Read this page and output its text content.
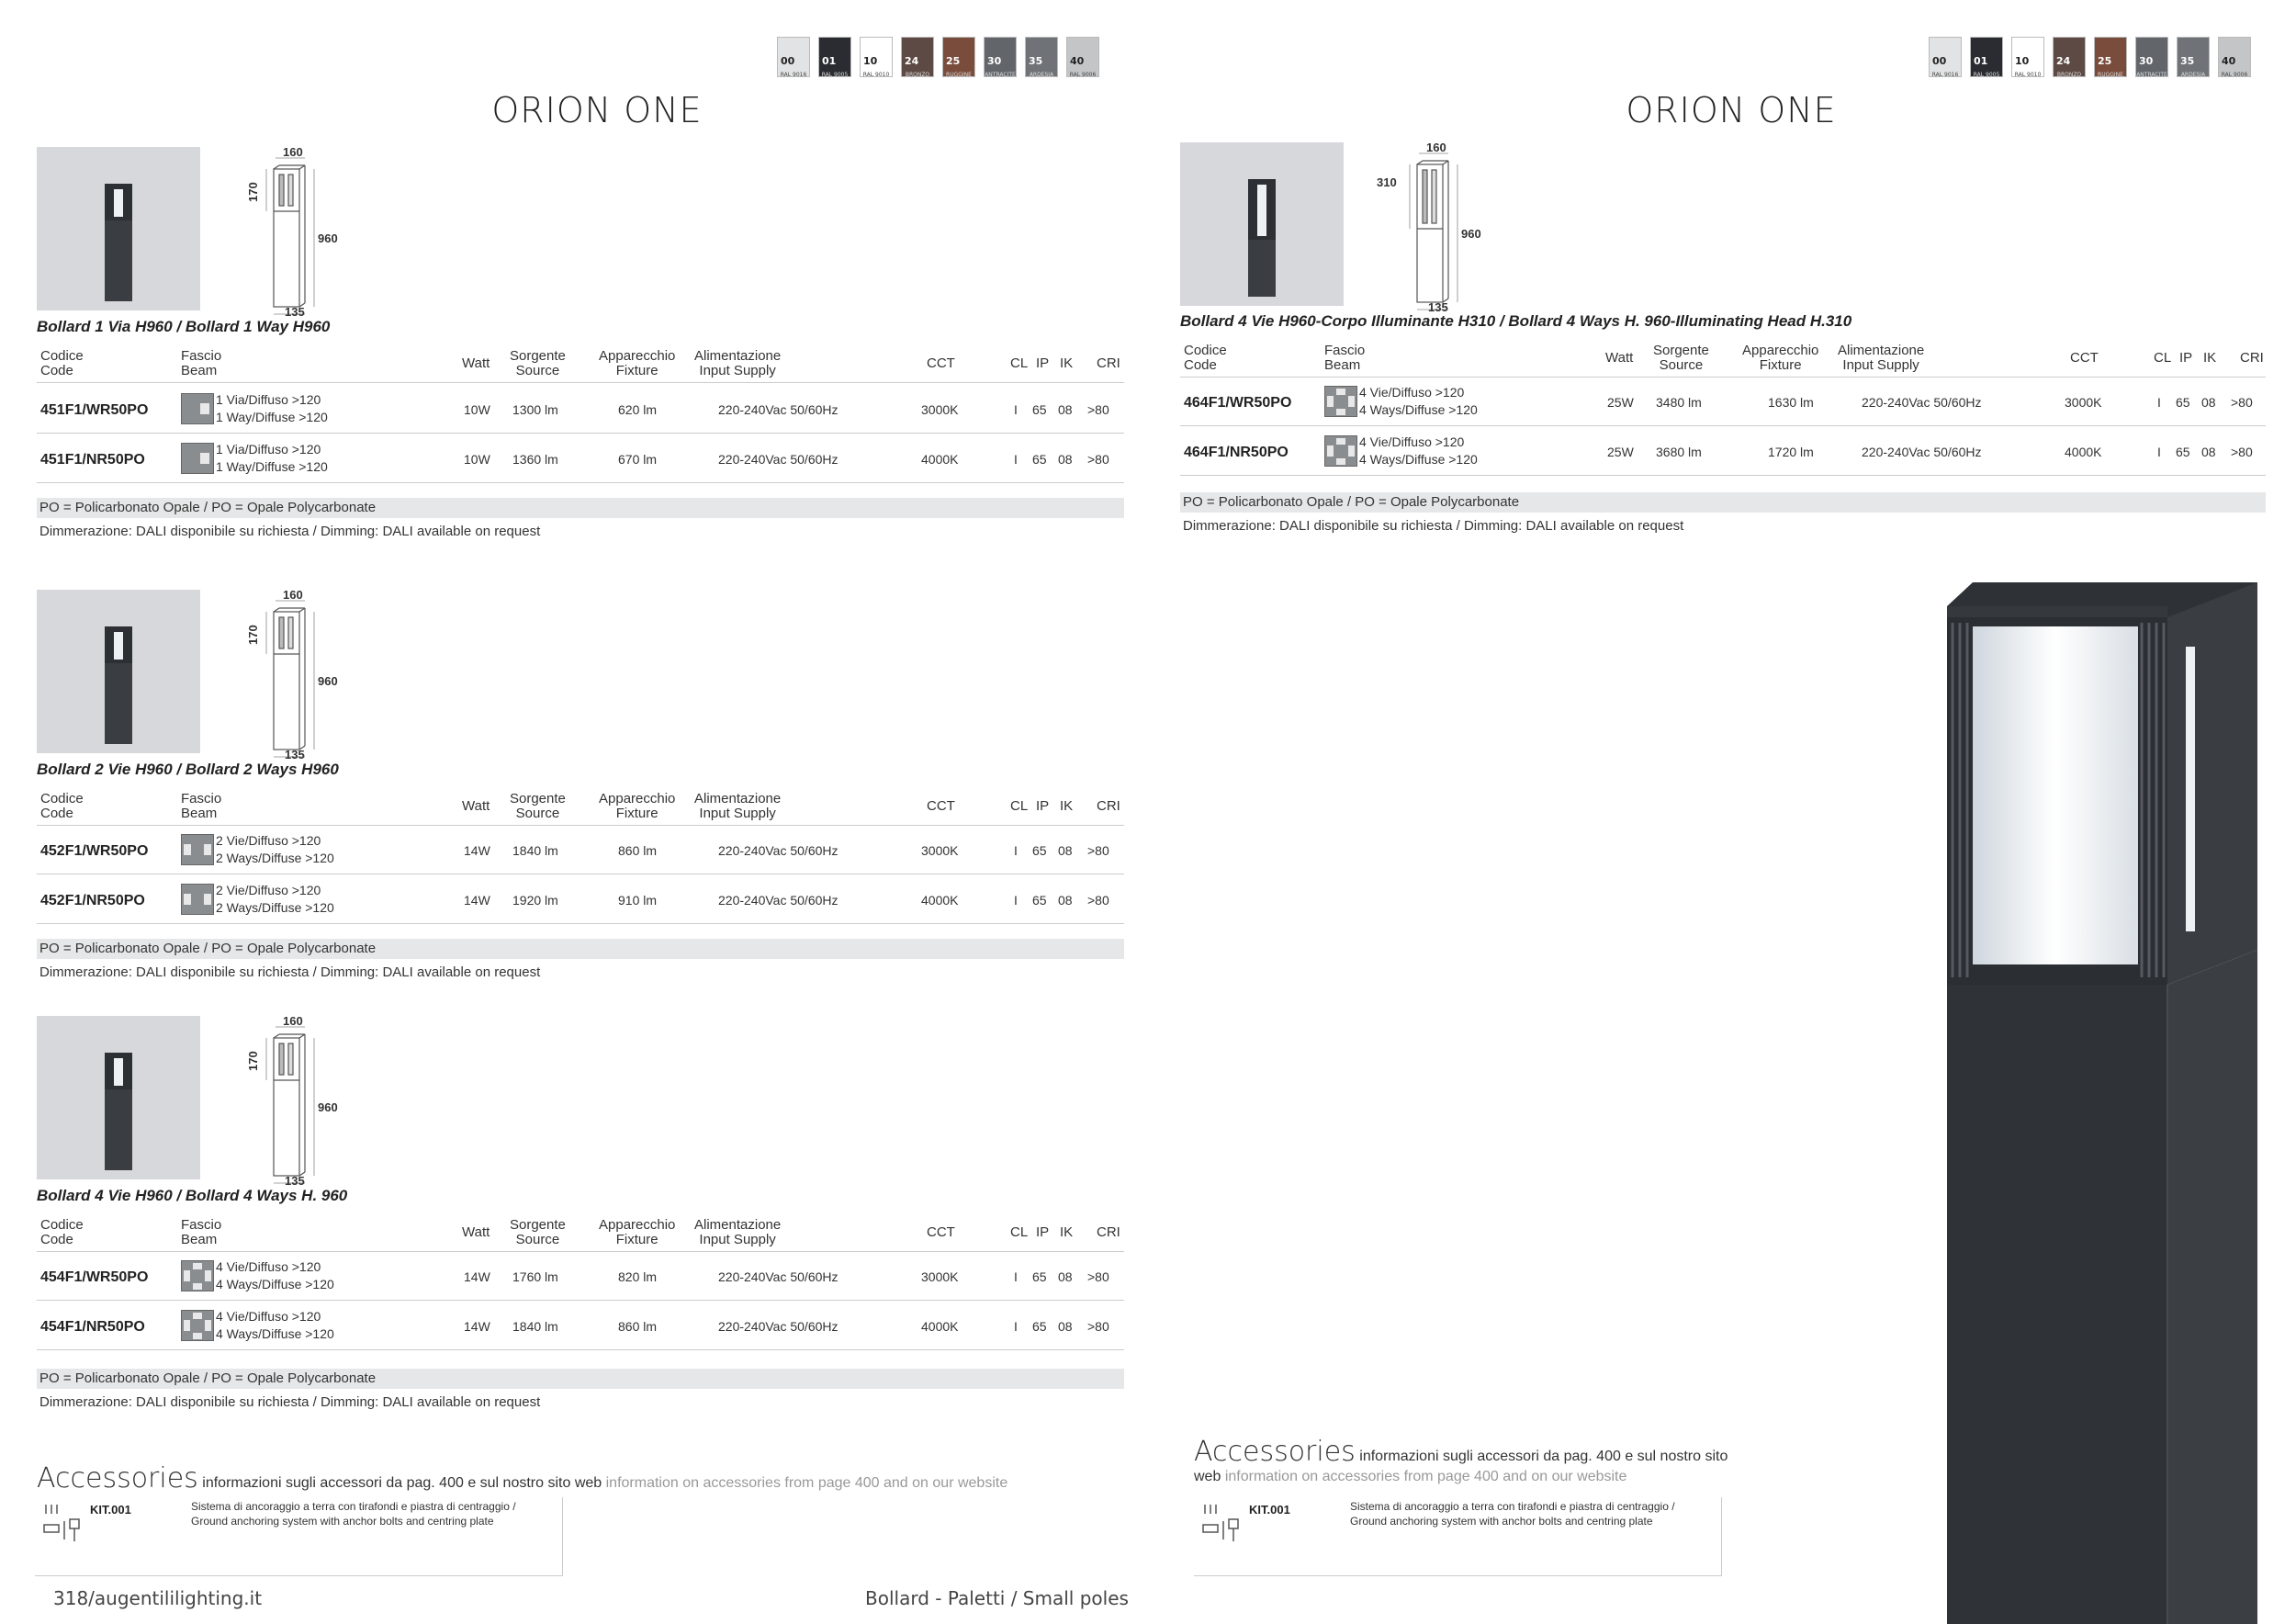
00
RAL 9016
01
RAL 9005
10
RAL 9010
24
BRONZO
25
RUGGINE
30
ANTRACITE
35
ARDESIA
40
RAL 9006
ORION ONE
160
170
960
135
Bollard 1 Via H960 / Bollard 1 Way H960
Codice
Code
Fascio
Beam	Watt Sorgente
Source
Apparecchio
Fixture
Alimentazione
Input Supply	CCT	CL IP IK CRI
451F1/WR50PO
1 Via/Diffuso >120
1 Way/Diffuse >120	10W 1300 lm	620 lm	220-240Vac 50/60Hz	3000K	I 65 08 >80
451F1/NR50PO
1 Via/Diffuso >120
1 Way/Diffuse >120	10W 1360 lm	670 lm	220-240Vac 50/60Hz	4000K	I 65 08 >80
PO = Policarbonato Opale / PO = Opale Polycarbonate
Dimmerazione: DALI disponibile su richiesta / Dimming: DALI available on request
160
170
960
135
Bollard 2 Vie H960 / Bollard 2 Ways H960
Codice
Code
Fascio
Beam	Watt Sorgente
Source
Apparecchio
Fixture
Alimentazione
Input Supply	CCT	CL IP IK CRI
452F1/WR50PO
2 Vie/Diffuso >120
2 Ways/Diffuse >120	14W 1840 lm	860 lm	220-240Vac 50/60Hz	3000K	I 65 08 >80
452F1/NR50PO
2 Vie/Diffuso >120
2 Ways/Diffuse >120	14W 1920 lm	910 lm	220-240Vac 50/60Hz	4000K	I 65 08 >80
PO = Policarbonato Opale / PO = Opale Polycarbonate
Dimmerazione: DALI disponibile su richiesta / Dimming: DALI available on request
160
170
960
135
Bollard 4 Vie H960 / Bollard 4 Ways H. 960
Codice
Code
Fascio
Beam	Watt Sorgente
Source
Apparecchio
Fixture
Alimentazione
Input Supply	CCT	CL IP IK CRI
454F1/WR50PO
4 Vie/Diffuso >120
4 Ways/Diffuse >120	14W 1760 lm	820 lm	220-240Vac 50/60Hz	3000K	I 65 08 >80
454F1/NR50PO
4 Vie/Diffuso >120
4 Ways/Diffuse >120	14W 1840 lm	860 lm	220-240Vac 50/60Hz	4000K	I 65 08 >80
PO = Policarbonato Opale / PO = Opale Polycarbonate
Dimmerazione: DALI disponibile su richiesta / Dimming: DALI available on request
160
310
960
135
Bollard 4 Vie H960-Corpo Illuminante H310 / Bollard 4 Ways H. 960-Illuminating Head H.310
Codice
Code
Fascio
Beam	Watt Sorgente
Source
Apparecchio
Fixture
Alimentazione
Input Supply	CCT	CL IP IK CRI
464F1/WR50PO
4 Vie/Diffuso >120
4 Ways/Diffuse >120	25W 3480 lm	1630 lm	220-240Vac 50/60Hz	3000K	I 65 08 >80
464F1/NR50PO
4 Vie/Diffuso >120
4 Ways/Diffuse >120	25W 3680 lm	1720 lm	220-240Vac 50/60Hz	4000K	I 65 08 >80
PO = Policarbonato Opale / PO = Opale Polycarbonate
Dimmerazione: DALI disponibile su richiesta / Dimming: DALI available on request
Accessories informazioni sugli accessori da pag. 400 e sul nostro sito web information on accessories from page 400 and on our website
KIT.001	Sistema di ancoraggio a terra con tirafondi e piastra di centraggio / Ground anchoring system with anchor bolts and centring plate
318/augentililighting.it	Bollard - Paletti / Small poles
00
RAL 9016
01
RAL 9005
10
RAL 9010
24
BRONZO
25
RUGGINE
30
ANTRACITE
35
ARDESIA
40
RAL 9006
ORION ONE
Accessories informazioni sugli accessori da pag. 400 e sul nostro sito
web information on accessories from page 400 and on our website
KIT.001	Sistema di ancoraggio a terra con tirafondi e piastra di centraggio / Ground anchoring system with anchor bolts and centring plate
